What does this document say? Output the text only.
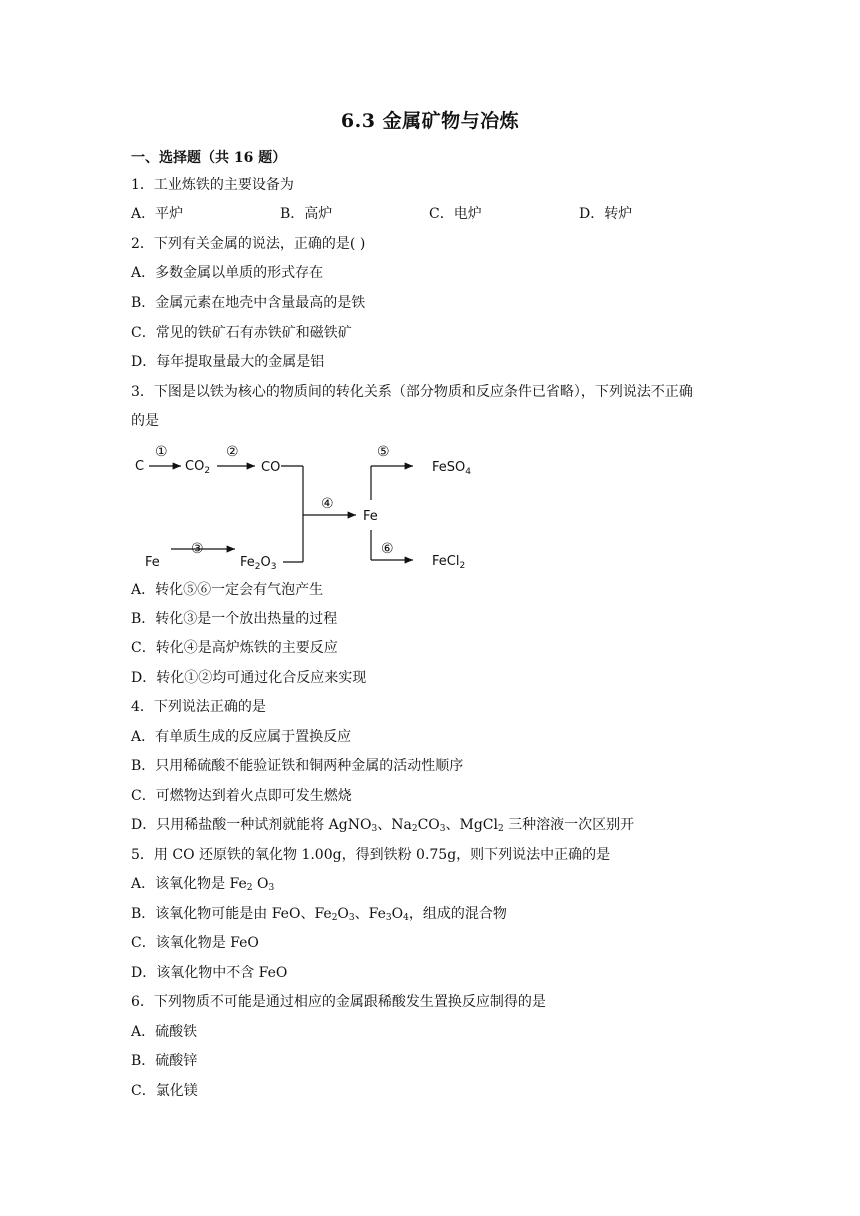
6.3 金属矿物与冶炼
一、选择题（共 16 题）
1．工业炼铁的主要设备为
A．平炉	B．高炉	C．电炉	D．转炉
2．下列有关金属的说法，正确的是( )
A．多数金属以单质的形式存在
B．金属元素在地壳中含量最高的是铁
C．常见的铁矿石有赤铁矿和磁铁矿
D．每年提取量最大的金属是铝
3．下图是以铁为核心的物质间的转化关系（部分物质和反应条件已省略），下列说法不正确
的是
C
①
$CO_2$
②
CO
Fe
③
$Fe_2O_3$
④
Fe
⑤
FeSO$_4$
⑥
FeCl$_2$
A．转化⑤⑥一定会有气泡产生
B．转化③是一个放出热量的过程
C．转化④是高炉炼铁的主要反应
D．转化①②均可通过化合反应来实现
4．下列说法正确的是
A．有单质生成的反应属于置换反应
B．只用稀硫酸不能验证铁和铜两种金属的活动性顺序
C．可燃物达到着火点即可发生燃烧
D．只用稀盐酸一种试剂就能将 AgNO$_3$、$Na_2CO_3$、MgCl$_2$ 三种溶液一次区别开
5．用 CO 还原铁的氧化物 1.00g，得到铁粉 0.75g，则下列说法中正确的是
A．该氧化物是 $Fe_2$ $O_3$
B．该氧化物可能是由 FeO、$Fe_2O_3$、$Fe_3O_4$，组成的混合物
C．该氧化物是 FeO
D．该氧化物中不含 FeO
6．下列物质不可能是通过相应的金属跟稀酸发生置换反应制得的是
A．硫酸铁
B．硫酸锌
C．氯化镁
